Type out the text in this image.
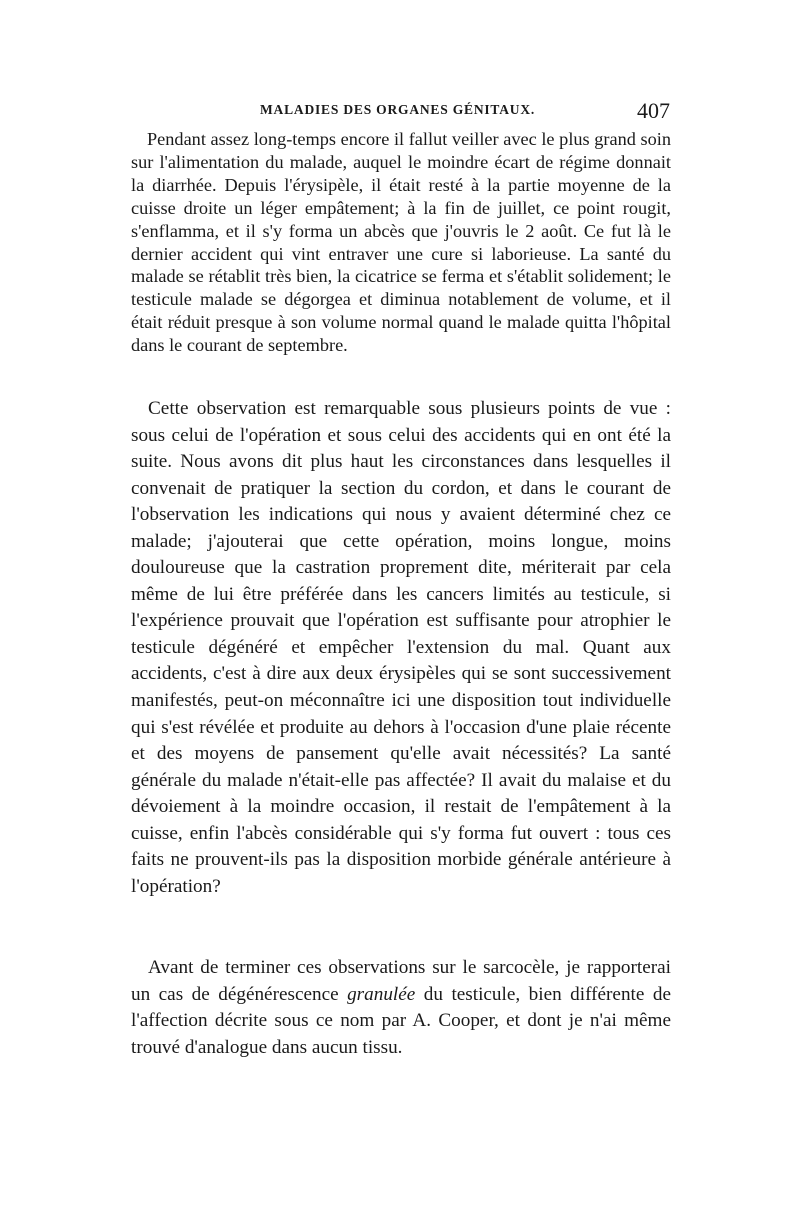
MALADIES DES ORGANES GÉNITAUX.	407

Pendant assez long-temps encore il fallut veiller avec le plus grand soin sur l'alimentation du malade, auquel le moindre écart de régime donnait la diarrhée. Depuis l'érysipèle, il était resté à la partie moyenne de la cuisse droite un léger empâtement; à la fin de juillet, ce point rougit, s'enflamma, et il s'y forma un abcès que j'ouvris le 2 août. Ce fut là le dernier accident qui vint entraver une cure si laborieuse. La santé du malade se rétablit très bien, la cicatrice se ferma et s'établit solidement; le testicule malade se dégorgea et diminua notablement de volume, et il était réduit presque à son volume normal quand le malade quitta l'hôpital dans le courant de septembre.

Cette observation est remarquable sous plusieurs points de vue : sous celui de l'opération et sous celui des accidents qui en ont été la suite. Nous avons dit plus haut les circonstances dans lesquelles il convenait de pratiquer la section du cordon, et dans le courant de l'observation les indications qui nous y avaient déterminé chez ce malade; j'ajouterai que cette opération, moins longue, moins douloureuse que la castration proprement dite, mériterait par cela même de lui être préférée dans les cancers limités au testicule, si l'expérience prouvait que l'opération est suffisante pour atrophier le testicule dégénéré et empêcher l'extension du mal. Quant aux accidents, c'est à dire aux deux érysipèles qui se sont successivement manifestés, peut-on méconnaître ici une disposition tout individuelle qui s'est révélée et produite au dehors à l'occasion d'une plaie récente et des moyens de pansement qu'elle avait nécessités? La santé générale du malade n'était-elle pas affectée? Il avait du malaise et du dévoiement à la moindre occasion, il restait de l'empâtement à la cuisse, enfin l'abcès considérable qui s'y forma fut ouvert : tous ces faits ne prouvent-ils pas la disposition morbide générale antérieure à l'opération?

Avant de terminer ces observations sur le sarcocèle, je rapporterai un cas de dégénérescence granulée du testicule, bien différente de l'affection décrite sous ce nom par A. Cooper, et dont je n'ai même trouvé d'analogue dans aucun tissu.
